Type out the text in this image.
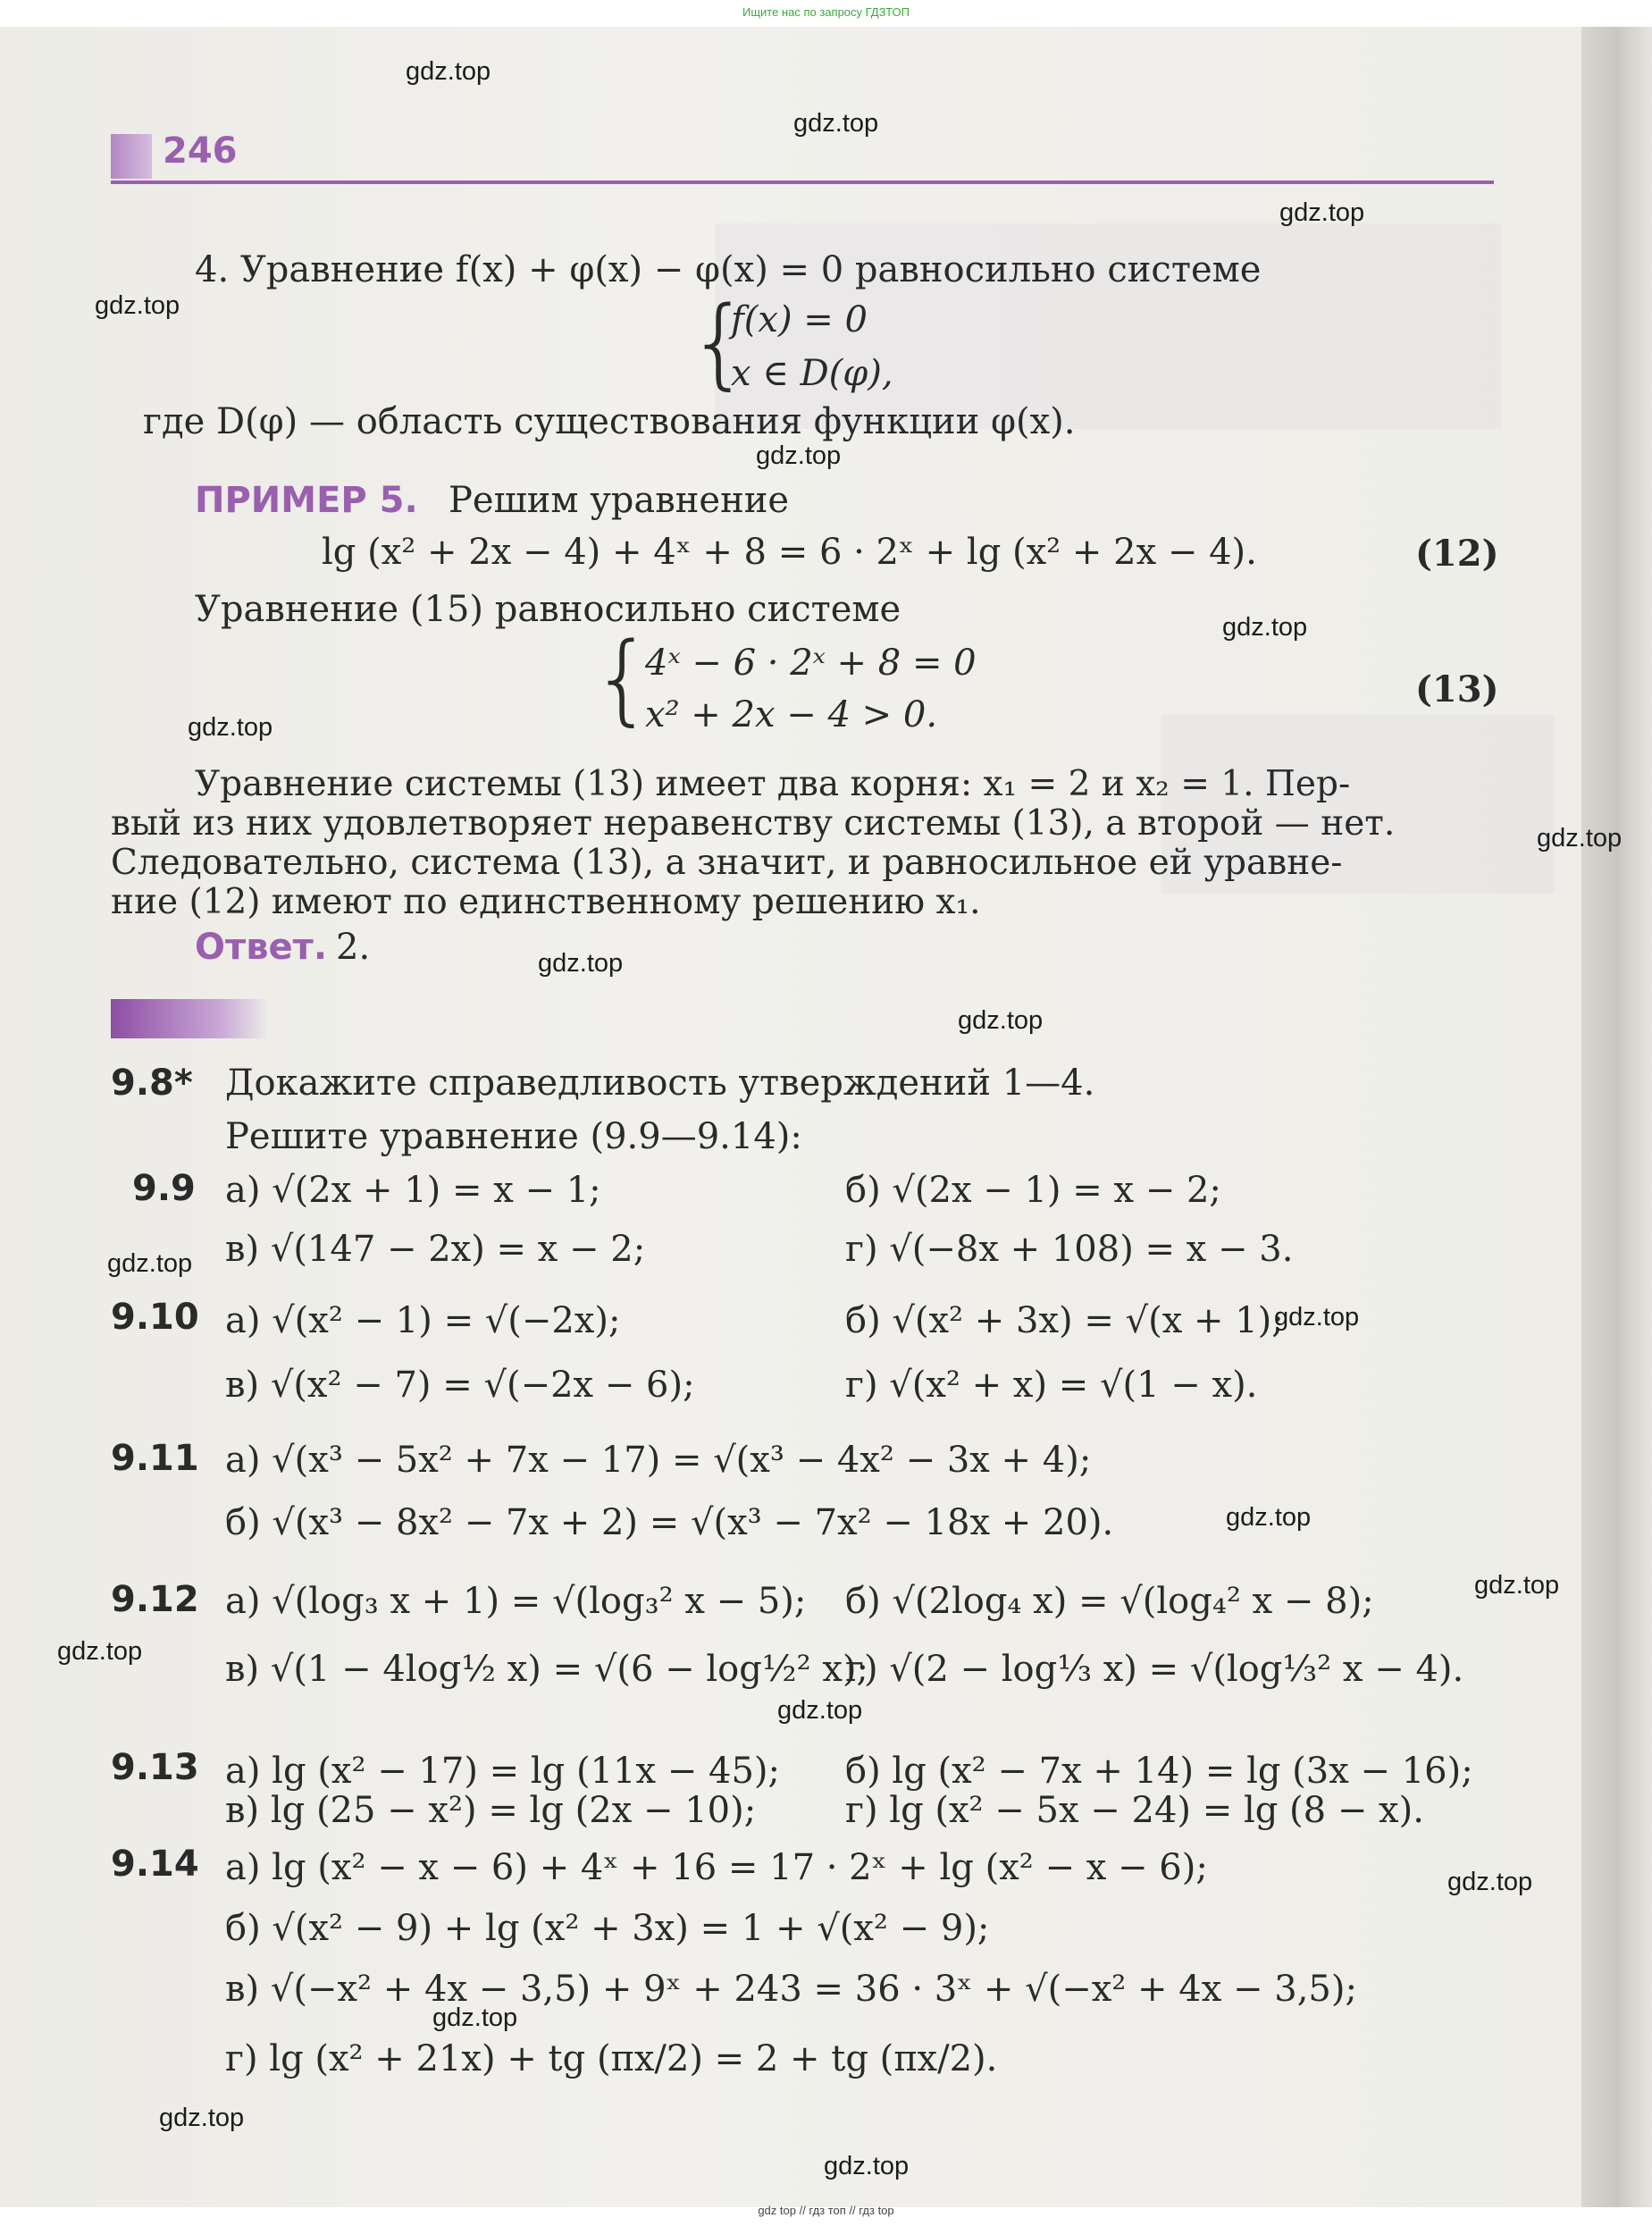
Ищите нас по запросу ГДЗТОП
246
4. Уравнение f(x) + φ(x) − φ(x) = 0 равносильно системе
{
f(x) = 0
x ∈ D(φ),
где D(φ) — область существования функции φ(x).
ПРИМЕР 5. Решим уравнение
lg (x² + 2x − 4) + 4ˣ + 8 = 6 · 2ˣ + lg (x² + 2x − 4).	(12)
Уравнение (15) равносильно системе
{
4ˣ − 6 · 2ˣ + 8 = 0
x² + 2x − 4 > 0.
(13)
Уравнение системы (13) имеет два корня: x₁ = 2 и x₂ = 1. Пер-
вый из них удовлетворяет неравенству системы (13), а второй — нет.
Следовательно, система (13), а значит, и равносильное ей уравне-
ние (12) имеют по единственному решению x₁.
Ответ. 2.
9.8* Докажите справедливость утверждений 1—4.
Решите уравнение (9.9—9.14):
9.9 а) √(2x + 1) = x − 1;	б) √(2x − 1) = x − 2;
в) √(147 − 2x) = x − 2;	г) √(−8x + 108) = x − 3.
9.10 а) √(x² − 1) = √(−2x);	б) √(x² + 3x) = √(x + 1);
в) √(x² − 7) = √(−2x − 6);	г) √(x² + x) = √(1 − x).
9.11 а) √(x³ − 5x² + 7x − 17) = √(x³ − 4x² − 3x + 4);
б) √(x³ − 8x² − 7x + 2) = √(x³ − 7x² − 18x + 20).
9.12 а) √(log₃ x + 1) = √(log₃² x − 5); б) √(2log₄ x) = √(log₄² x − 8);
в) √(1 − 4log½ x) = √(6 − log½² x);
г) √(2 − log⅓ x) = √(log⅓² x − 4).
9.13 а) lg (x² − 17) = lg (11x − 45); б) lg (x² − 7x + 14) = lg (3x − 16);
в) lg (25 − x²) = lg (2x − 10); г) lg (x² − 5x − 24) = lg (8 − x).
9.14 а) lg (x² − x − 6) + 4ˣ + 16 = 17 · 2ˣ + lg (x² − x − 6);
б) √(x² − 9) + lg (x² + 3x) = 1 + √(x² − 9);
в) √(−x² + 4x − 3,5) + 9ˣ + 243 = 36 · 3ˣ + √(−x² + 4x − 3,5);
г) lg (x² + 21x) + tg (πx/2) = 2 + tg (πx/2).
gdz.top
gdz.top
gdz.top
gdz.top
gdz.top
gdz.top
gdz.top
gdz.top
gdz.top
gdz.top
gdz.top
gdz.top
gdz.top
gdz.top
gdz.top
gdz.top
gdz.top
gdz.top
gdz.top
gdz.top
gdz top // гдз топ // гдз top
